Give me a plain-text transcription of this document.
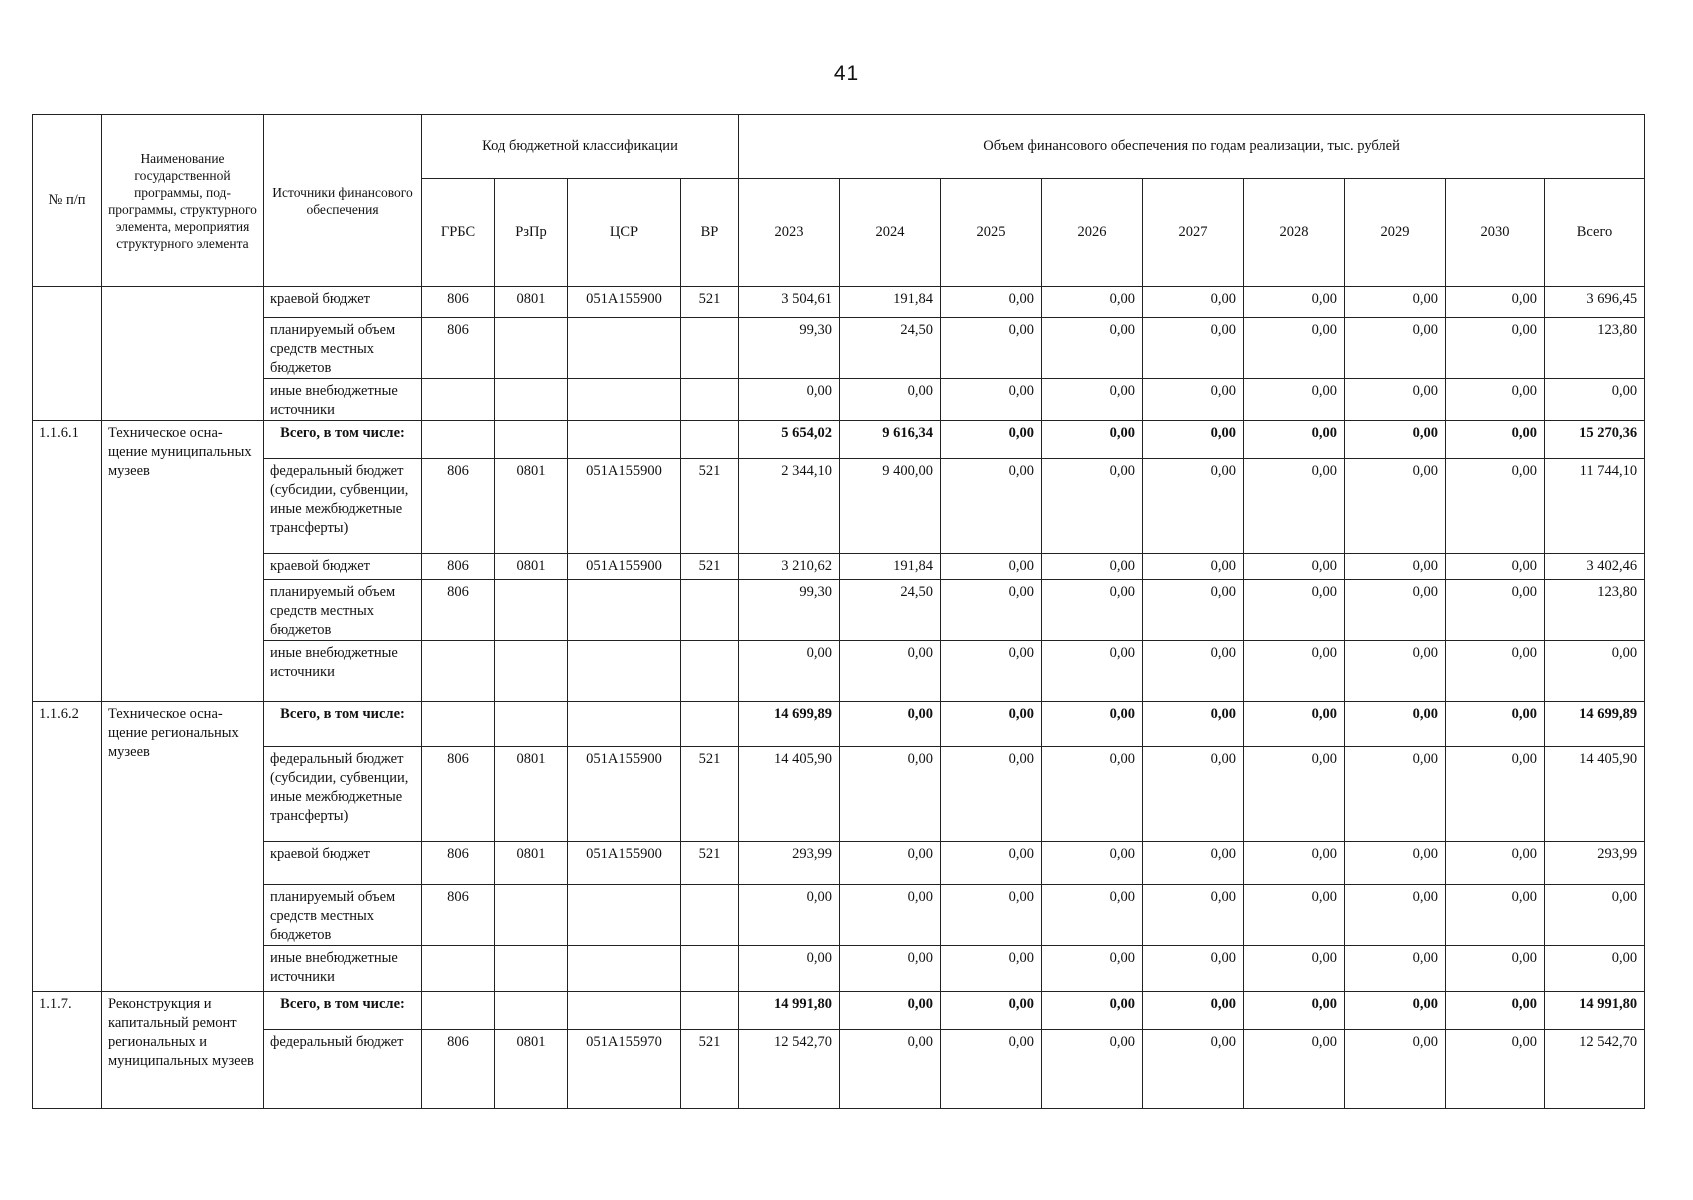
41
№ п/п	Наименование государственной программы, подпрограммы, структурного элемента, мероприятия структурного элемента	Источники финансового обеспечения	Код бюджетной классификации				Объем финансового обеспечения по годам реализации, тыс. рублей								
			ГРБС	РзПр	ЦСР	ВР	2023	2024	2025	2026	2027	2028	2029	2030	Всего
		краевой бюджет	806	0801	051A155900	521	3 504,61	191,84	0,00	0,00	0,00	0,00	0,00	0,00	3 696,45
		планируемый объем средств местных бюджетов	806				99,30	24,50	0,00	0,00	0,00	0,00	0,00	0,00	123,80
		иные внебюджетные источники					0,00	0,00	0,00	0,00	0,00	0,00	0,00	0,00	0,00
1.1.6.1	Техническое оснащение муниципальных музеев	Всего, в том числе:					5 654,02	9 616,34	0,00	0,00	0,00	0,00	0,00	0,00	15 270,36
		федеральный бюджет (субсидии, субвенции, иные межбюджетные трансферты)	806	0801	051A155900	521	2 344,10	9 400,00	0,00	0,00	0,00	0,00	0,00	0,00	11 744,10
		краевой бюджет	806	0801	051A155900	521	3 210,62	191,84	0,00	0,00	0,00	0,00	0,00	0,00	3 402,46
		планируемый объем средств местных бюджетов	806				99,30	24,50	0,00	0,00	0,00	0,00	0,00	0,00	123,80
		иные внебюджетные источники					0,00	0,00	0,00	0,00	0,00	0,00	0,00	0,00	0,00
1.1.6.2	Техническое оснащение региональных музеев	Всего, в том числе:					14 699,89	0,00	0,00	0,00	0,00	0,00	0,00	0,00	14 699,89
		федеральный бюджет (субсидии, субвенции, иные межбюджетные трансферты)	806	0801	051A155900	521	14 405,90	0,00	0,00	0,00	0,00	0,00	0,00	0,00	14 405,90
		краевой бюджет	806	0801	051A155900	521	293,99	0,00	0,00	0,00	0,00	0,00	0,00	0,00	293,99
		планируемый объем средств местных бюджетов	806				0,00	0,00	0,00	0,00	0,00	0,00	0,00	0,00	0,00
		иные внебюджетные источники					0,00	0,00	0,00	0,00	0,00	0,00	0,00	0,00	0,00
1.1.7.	Реконструкция и капитальный ремонт региональных и муниципальных музеев	Всего, в том числе:					14 991,80	0,00	0,00	0,00	0,00	0,00	0,00	0,00	14 991,80
		федеральный бюджет	806	0801	051A155970	521	12 542,70	0,00	0,00	0,00	0,00	0,00	0,00	0,00	12 542,70
